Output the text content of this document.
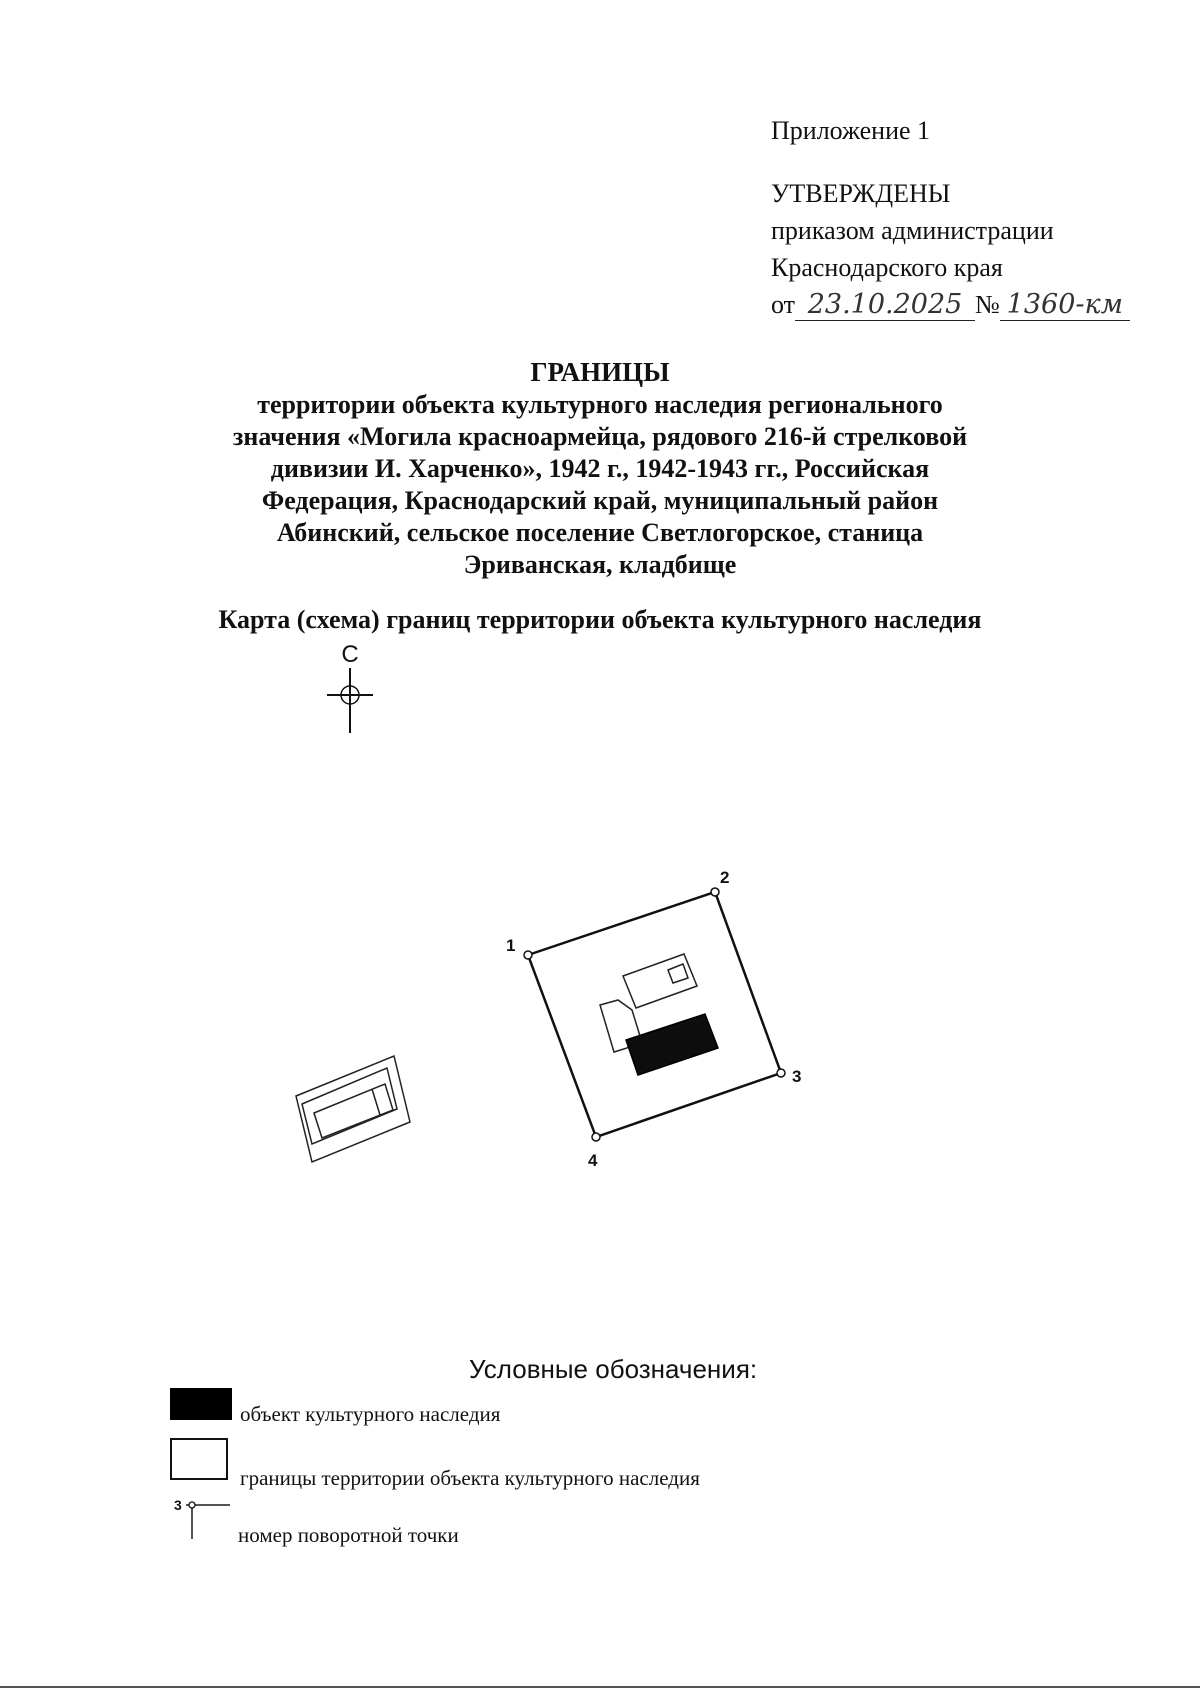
Приложение 1
УТВЕРЖДЕНЫ
приказом администрации
Краснодарского края
от 23.10.2025 № 1360-км
ГРАНИЦЫ
территории объекта культурного наследия регионального
значения «Могила красноармейца, рядового 216-й стрелковой
дивизии И. Харченко», 1942 г., 1942-1943 гг., Российская
Федерация, Краснодарский край, муниципальный район
Абинский, сельское поселение Светлогорское, станица
Эриванская, кладбище
Карта (схема) границ территории объекта культурного наследия
С
1
2
3
4
Условные обозначения:
объект культурного наследия
границы территории объекта культурного наследия
3
номер поворотной точки
